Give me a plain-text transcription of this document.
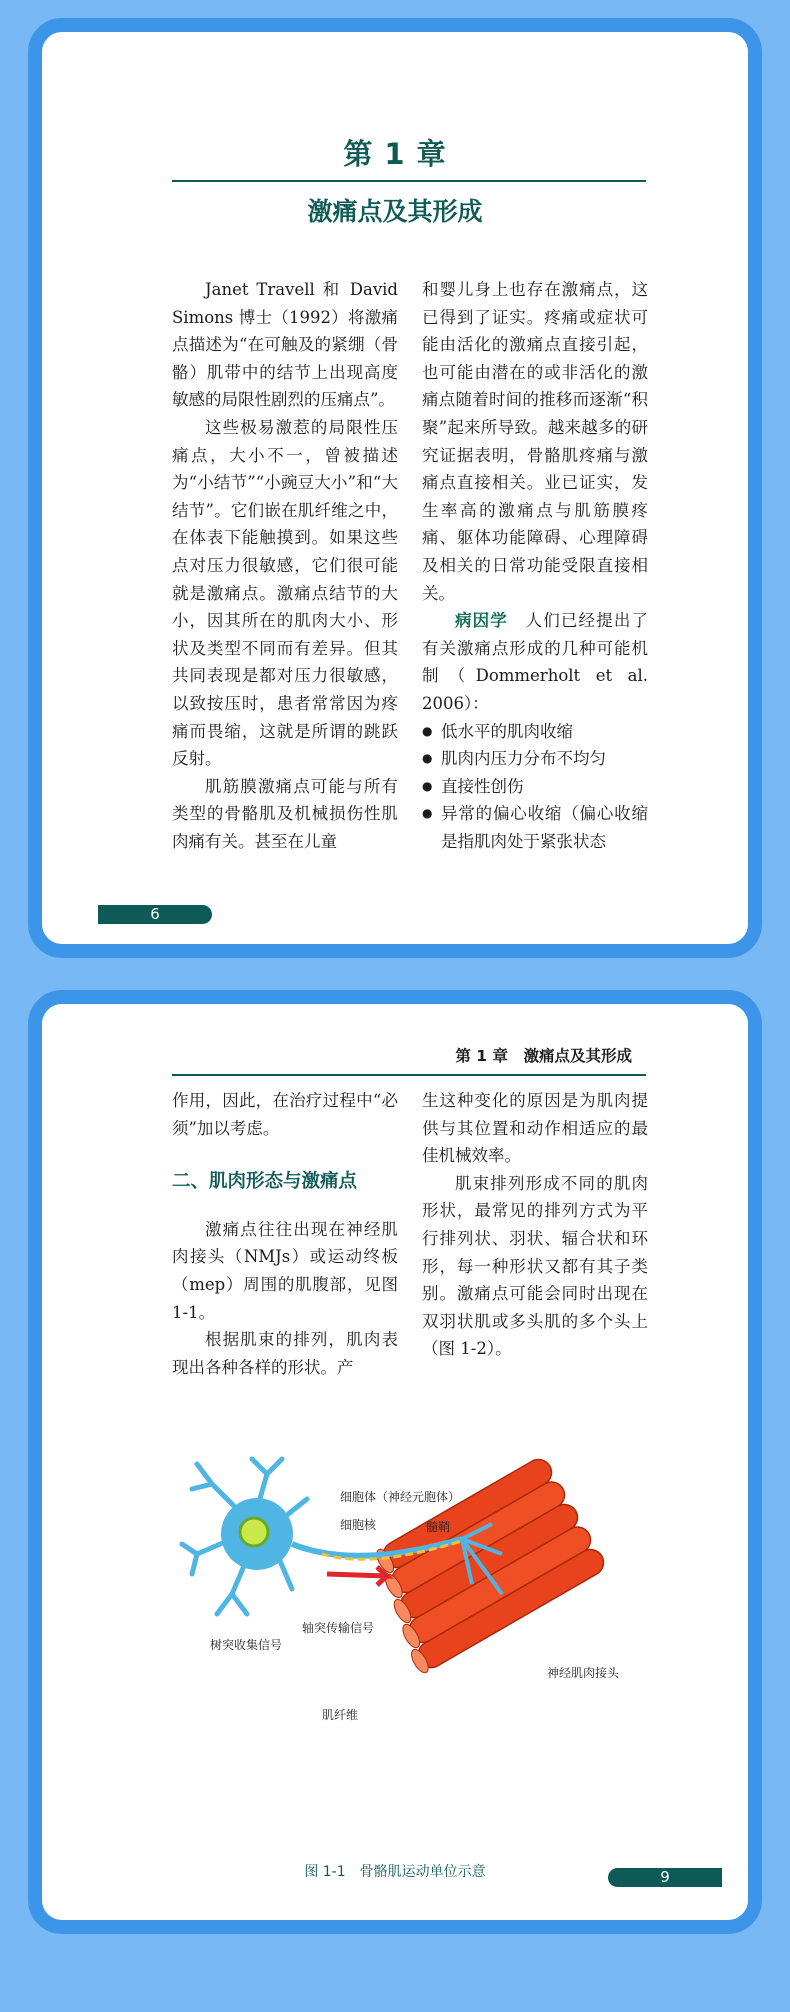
第 1 章
激痛点及其形成

Janet Travell 和 David Simons 博士（1992）将激痛点描述为“在可触及的紧绷（骨骼）肌带中的结节上出现高度敏感的局限性剧烈的压痛点”。

这些极易激惹的局限性压痛点，大小不一，曾被描述为“小结节”“小豌豆大小”和“大结节”。它们嵌在肌纤维之中，在体表下能触摸到。如果这些点对压力很敏感，它们很可能就是激痛点。激痛点结节的大小，因其所在的肌肉大小、形状及类型不同而有差异。但其共同表现是都对压力很敏感，以致按压时，患者常常因为疼痛而畏缩，这就是所谓的跳跃反射。

肌筋膜激痛点可能与所有类型的骨骼肌及机械损伤性肌肉痛有关。甚至在儿童

和婴儿身上也存在激痛点，这已得到了证实。疼痛或症状可能由活化的激痛点直接引起，也可能由潜在的或非活化的激痛点随着时间的推移而逐渐“积聚”起来所导致。越来越多的研究证据表明，骨骼肌疼痛与激痛点直接相关。业已证实，发生率高的激痛点与肌筋膜疼痛、躯体功能障碍、心理障碍及相关的日常功能受限直接相关。

病因学　 人们已经提出了有关激痛点形成的几种可能机制（Dommerholt et al. 2006）：

● 低水平的肌肉收缩
● 肌肉内压力分布不均匀
● 直接性创伤
● 异常的偏心收缩（偏心收缩是指肌肉处于紧张状态
6
第 1 章　激痛点及其形成

作用，因此，在治疗过程中“必须”加以考虑。

二、肌肉形态与激痛点

激痛点往往出现在神经肌肉接头（NMJs）或运动终板（mep）周围的肌腹部，见图 1-1。

根据肌束的排列，肌肉表现出各种各样的形状。产

生这种变化的原因是为肌肉提供与其位置和动作相适应的最佳机械效率。

肌束排列形成不同的肌肉形状，最常见的排列方式为平行排列状、羽状、辐合状和环形，每一种形状又都有其子类别。激痛点可能会同时出现在双羽状肌或多头肌的多个头上（图 1-2）。

细胞体（神经元胞体）
细胞核	髓鞘
轴突传输信号
树突收集信号
神经肌肉接头
肌纤维
图 1-1　骨骼肌运动单位示意	9
